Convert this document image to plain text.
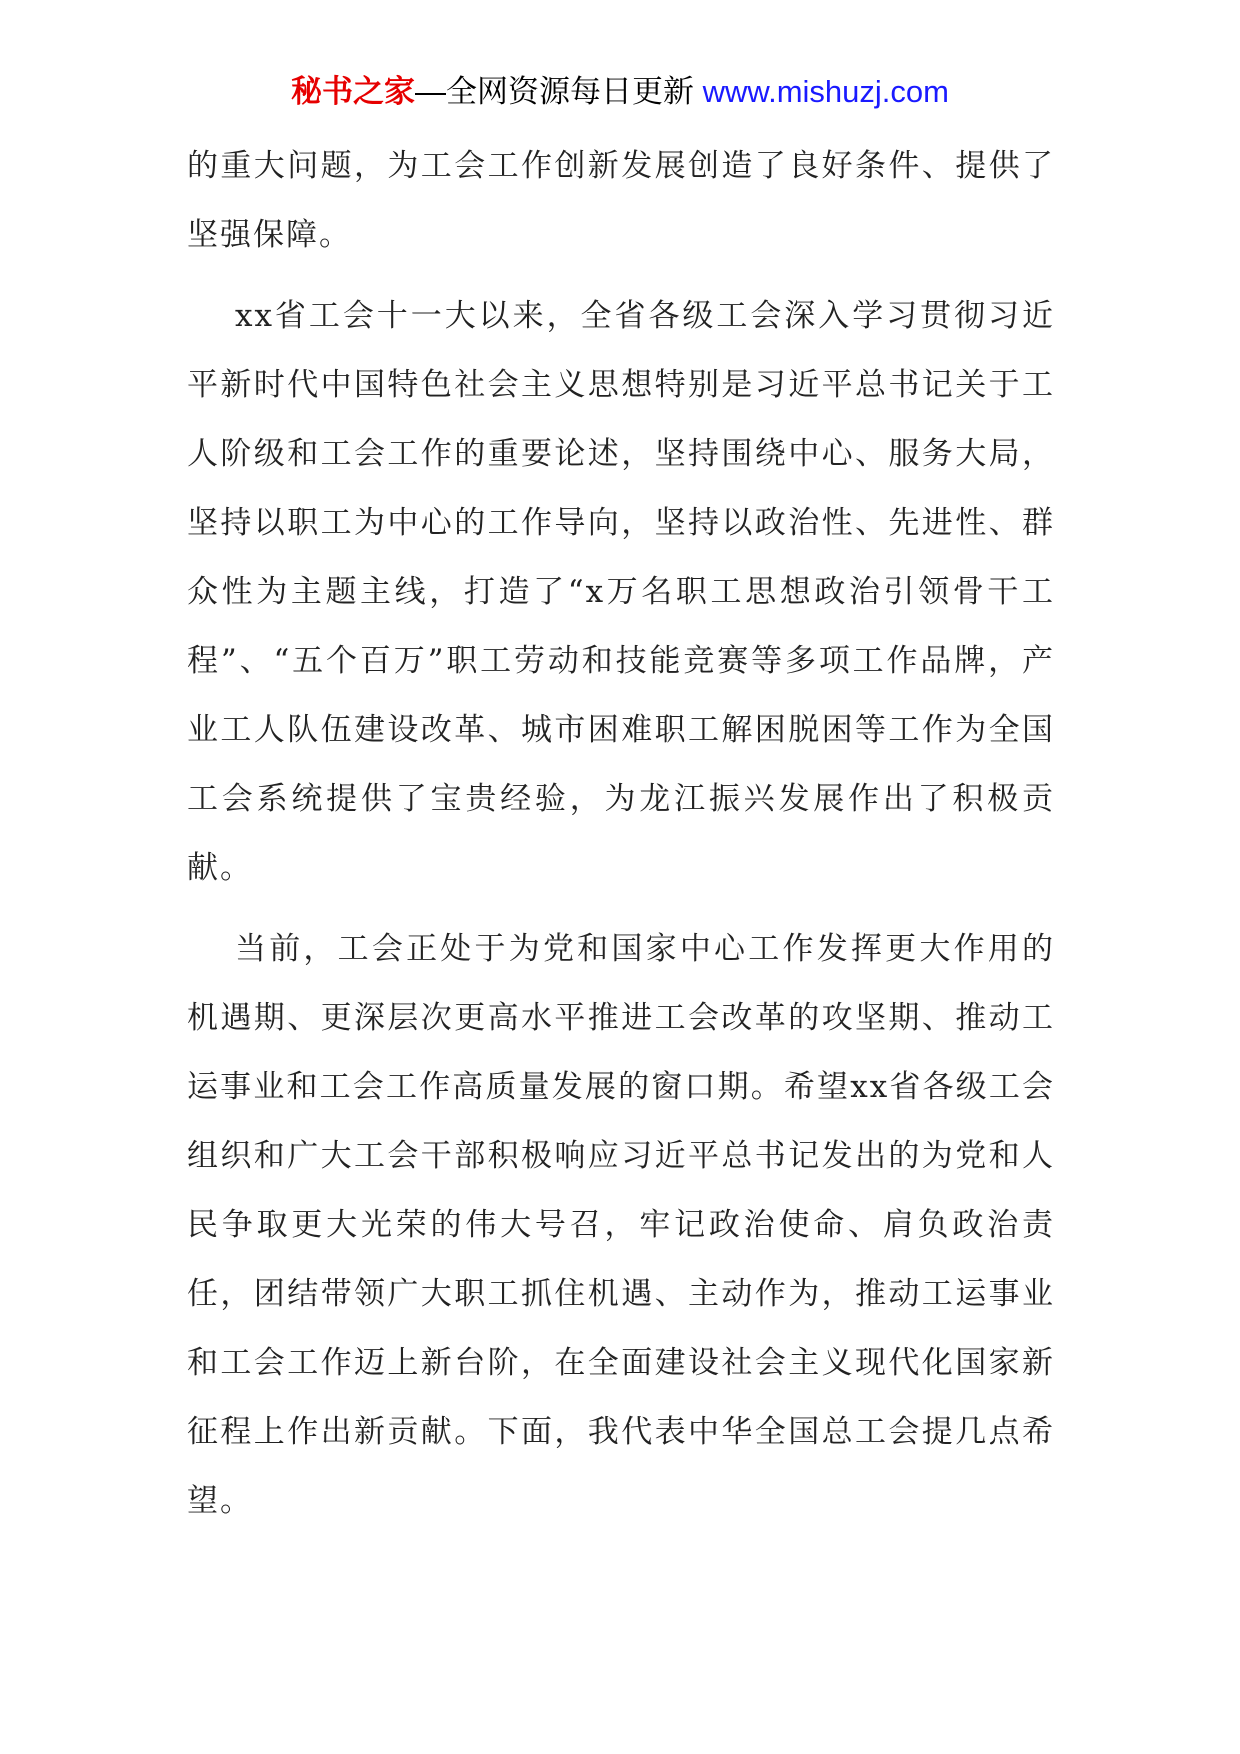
秘书之家—全网资源每日更新 www.mishuzj.com

的重大问题，为工会工作创新发展创造了良好条件、提供了坚强保障。

xx省工会十一大以来，全省各级工会深入学习贯彻习近平新时代中国特色社会主义思想特别是习近平总书记关于工人阶级和工会工作的重要论述，坚持围绕中心、服务大局，坚持以职工为中心的工作导向，坚持以政治性、先进性、群众性为主题主线，打造了“x万名职工思想政治引领骨干工程”、“五个百万”职工劳动和技能竞赛等多项工作品牌，产业工人队伍建设改革、城市困难职工解困脱困等工作为全国工会系统提供了宝贵经验，为龙江振兴发展作出了积极贡献。

当前，工会正处于为党和国家中心工作发挥更大作用的机遇期、更深层次更高水平推进工会改革的攻坚期、推动工运事业和工会工作高质量发展的窗口期。希望xx省各级工会组织和广大工会干部积极响应习近平总书记发出的为党和人民争取更大光荣的伟大号召，牢记政治使命、肩负政治责任，团结带领广大职工抓住机遇、主动作为，推动工运事业和工会工作迈上新台阶，在全面建设社会主义现代化国家新征程上作出新贡献。下面，我代表中华全国总工会提几点希望。
